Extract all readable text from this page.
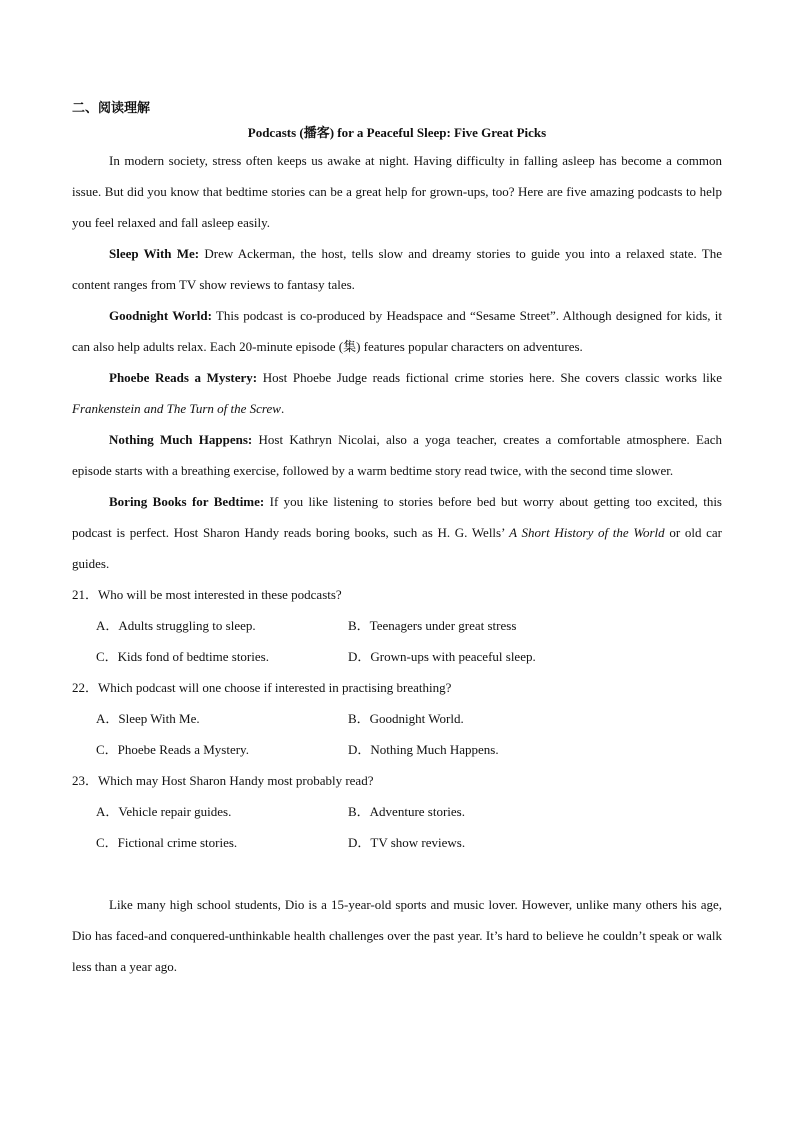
二、阅读理解
Podcasts (播客) for a Peaceful Sleep: Five Great Picks

In modern society, stress often keeps us awake at night. Having difficulty in falling asleep has become a common issue. But did you know that bedtime stories can be a great help for grown-ups, too? Here are five amazing podcasts to help you feel relaxed and fall asleep easily.

Sleep With Me: Drew Ackerman, the host, tells slow and dreamy stories to guide you into a relaxed state. The content ranges from TV show reviews to fantasy tales.

Goodnight World: This podcast is co-produced by Headspace and “Sesame Street”. Although designed for kids, it can also help adults relax. Each 20-minute episode (集) features popular characters on adventures.

Phoebe Reads a Mystery: Host Phoebe Judge reads fictional crime stories here. She covers classic works like Frankenstein and The Turn of the Screw.

Nothing Much Happens: Host Kathryn Nicolai, also a yoga teacher, creates a comfortable atmosphere. Each episode starts with a breathing exercise, followed by a warm bedtime story read twice, with the second time slower.

Boring Books for Bedtime: If you like listening to stories before bed but worry about getting too excited, this podcast is perfect. Host Sharon Handy reads boring books, such as H. G. Wells’ A Short History of the World or old car guides.

21．Who will be most interested in these podcasts?
A．Adults struggling to sleep.	B．Teenagers under great stress
C．Kids fond of bedtime stories.	D．Grown-ups with peaceful sleep.
22．Which podcast will one choose if interested in practising breathing?
A．Sleep With Me.	B．Goodnight World.
C．Phoebe Reads a Mystery.	D．Nothing Much Happens.
23．Which may Host Sharon Handy most probably read?
A．Vehicle repair guides.	B．Adventure stories.
C．Fictional crime stories.	D．TV show reviews.

Like many high school students, Dio is a 15-year-old sports and music lover. However, unlike many others his age, Dio has faced-and conquered-unthinkable health challenges over the past year. It’s hard to believe he couldn’t speak or walk less than a year ago.
